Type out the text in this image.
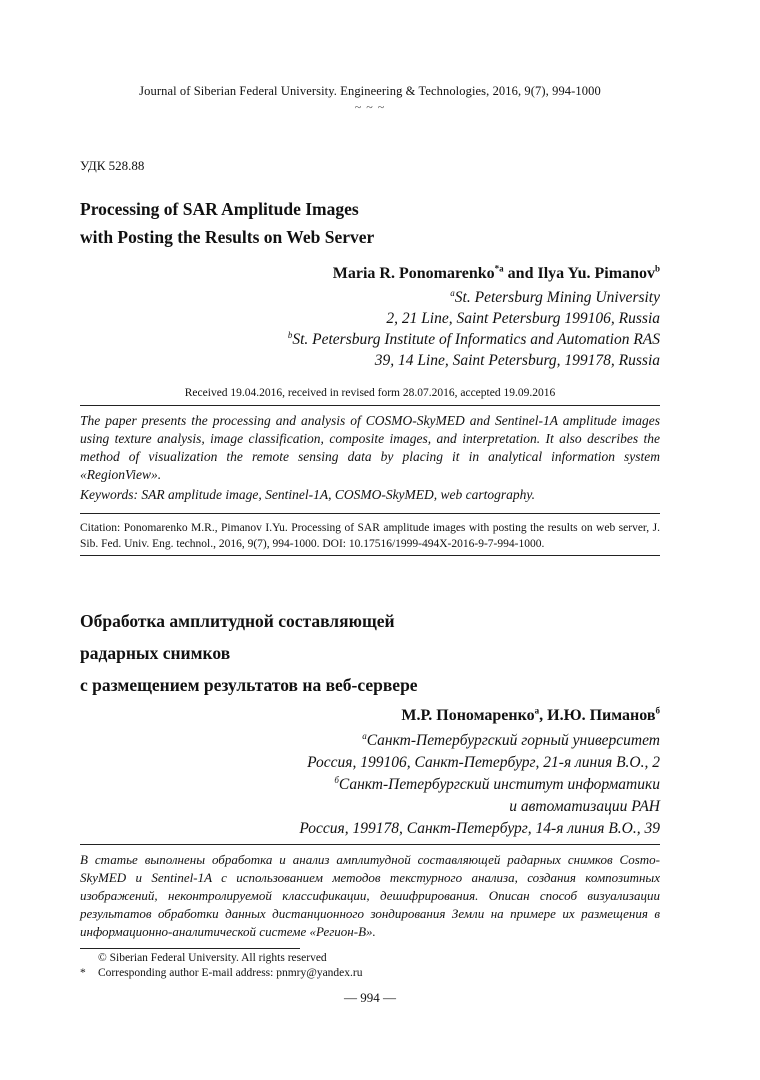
Journal of Siberian Federal University. Engineering & Technologies, 2016, 9(7), 994-1000
~ ~ ~
УДК 528.88
Processing of SAR Amplitude Images
with Posting the Results on Web Server
Maria R. Ponomarenko$^{*a}$ and Ilya Yu. Pimanov$^b$
$^a$St. Petersburg Mining University
2, 21 Line, Saint Petersburg 199106, Russia
$^b$St. Petersburg Institute of Informatics and Automation RAS
39, 14 Line, Saint Petersburg, 199178, Russia
Received 19.04.2016, received in revised form 28.07.2016, accepted 19.09.2016
The paper presents the processing and analysis of COSMO-SkyMED and Sentinel-1A amplitude images using texture analysis, image classification, composite images, and interpretation. It also describes the method of visualization the remote sensing data by placing it in analytical information system «RegionView».
Keywords: SAR amplitude image, Sentinel-1A, COSMO-SkyMED, web cartography.
Citation: Ponomarenko M.R., Pimanov I.Yu. Processing of SAR amplitude images with posting the results on web server, J. Sib. Fed. Univ. Eng. technol., 2016, 9(7), 994-1000. DOI: 10.17516/1999-494X-2016-9-7-994-1000.
Обработка амплитудной составляющей
радарных снимков
с размещением результатов на веб-сервере
М.Р. Пономаренко$^а$, И.Ю. Пиманов$^б$
$^а$Санкт-Петербургский горный университет
Россия, 199106, Санкт-Петербург, 21-я линия В.О., 2
$^б$Санкт-Петербургский институт информатики
и автоматизации РАН
Россия, 199178, Санкт-Петербург, 14-я линия В.О., 39
В статье выполнены обработка и анализ амплитудной составляющей радарных снимков Cosmo-SkyMED и Sentinel-1A с использованием методов текстурного анализа, создания композитных изображений, неконтролируемой классификации, дешифрирования. Описан способ визуализации результатов обработки данных дистанционного зондирования Земли на примере их размещения в информационно-аналитической системе «Регион-В».
© Siberian Federal University. All rights reserved
* Corresponding author E-mail address: pnmry@yandex.ru
— 994 —
